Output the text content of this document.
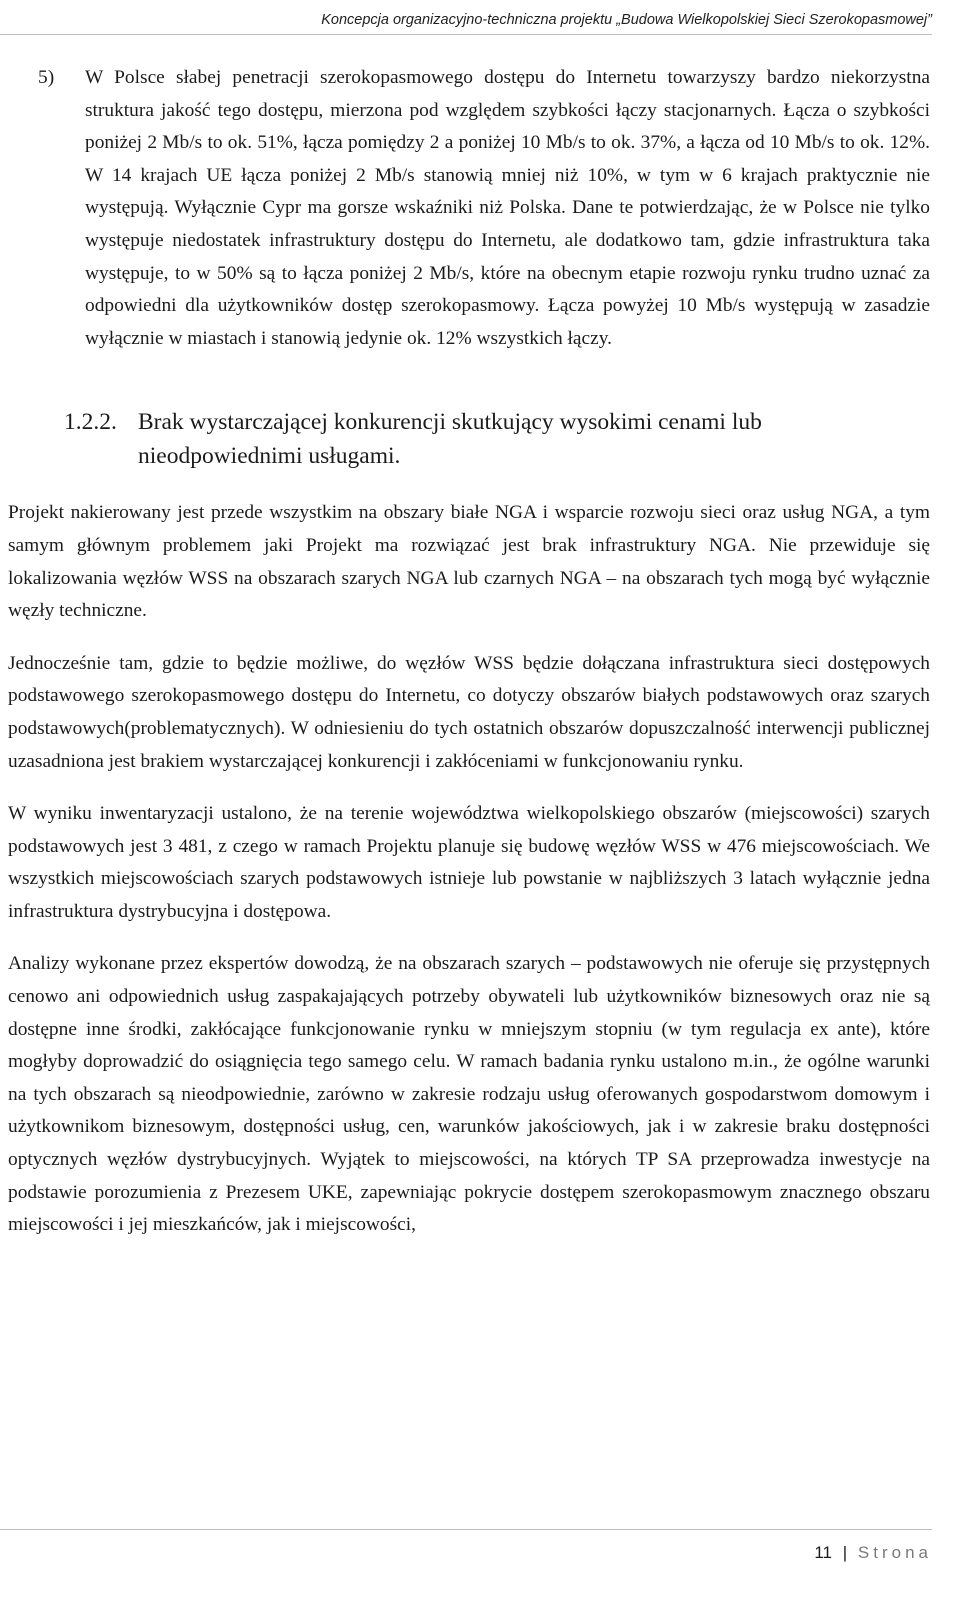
Koncepcja organizacyjno-techniczna projektu „Budowa Wielkopolskiej Sieci Szerokopasmowej”
5)	W Polsce słabej penetracji szerokopasmowego dostępu do Internetu towarzyszy bardzo niekorzystna struktura jakość tego dostępu, mierzona pod względem szybkości łączy stacjonarnych. Łącza o szybkości poniżej 2 Mb/s to ok. 51%, łącza pomiędzy 2 a poniżej 10 Mb/s to ok. 37%, a łącza od 10 Mb/s to ok. 12%. W 14 krajach UE łącza poniżej 2 Mb/s stanowią mniej niż 10%, w tym w 6 krajach praktycznie nie występują. Wyłącznie Cypr ma gorsze wskaźniki niż Polska. Dane te potwierdzając, że w Polsce nie tylko występuje niedostatek infrastruktury dostępu do Internetu, ale dodatkowo tam, gdzie infrastruktura taka występuje, to w 50% są to łącza poniżej 2 Mb/s, które na obecnym etapie rozwoju rynku trudno uznać za odpowiedni dla użytkowników dostęp szerokopasmowy. Łącza powyżej 10 Mb/s występują w zasadzie wyłącznie w miastach i stanowią jedynie ok. 12% wszystkich łączy.
1.2.2. Brak wystarczającej konkurencji skutkujący wysokimi cenami lub nieodpowiednimi usługami.

Projekt nakierowany jest przede wszystkim na obszary białe NGA i wsparcie rozwoju sieci oraz usług NGA, a tym samym głównym problemem jaki Projekt ma rozwiązać jest brak infrastruktury NGA. Nie przewiduje się lokalizowania węzłów WSS na obszarach szarych NGA lub czarnych NGA – na obszarach tych mogą być wyłącznie węzły techniczne.

Jednocześnie tam, gdzie to będzie możliwe, do węzłów WSS będzie dołączana infrastruktura sieci dostępowych podstawowego szerokopasmowego dostępu do Internetu, co dotyczy obszarów białych podstawowych oraz szarych podstawowych(problematycznych). W odniesieniu do tych ostatnich obszarów dopuszczalność interwencji publicznej uzasadniona jest brakiem wystarczającej konkurencji i zakłóceniami w funkcjonowaniu rynku.

W wyniku inwentaryzacji ustalono, że na terenie województwa wielkopolskiego obszarów (miejscowości) szarych podstawowych jest 3 481, z czego w ramach Projektu planuje się budowę węzłów WSS w 476 miejscowościach. We wszystkich miejscowościach szarych podstawowych istnieje lub powstanie w najbliższych 3 latach wyłącznie jedna infrastruktura dystrybucyjna i dostępowa.

Analizy wykonane przez ekspertów dowodzą, że na obszarach szarych – podstawowych nie oferuje się przystępnych cenowo ani odpowiednich usług zaspakajających potrzeby obywateli lub użytkowników biznesowych oraz nie są dostępne inne środki, zakłócające funkcjonowanie rynku w mniejszym stopniu (w tym regulacja ex ante), które mogłyby doprowadzić do osiągnięcia tego samego celu. W ramach badania rynku ustalono m.in., że ogólne warunki na tych obszarach są nieodpowiednie, zarówno w zakresie rodzaju usług oferowanych gospodarstwom domowym i użytkownikom biznesowym, dostępności usług, cen, warunków jakościowych, jak i w zakresie braku dostępności optycznych węzłów dystrybucyjnych. Wyjątek to miejscowości, na których TP SA przeprowadza inwestycje na podstawie porozumienia z Prezesem UKE, zapewniając pokrycie dostępem szerokopasmowym znacznego obszaru miejscowości i jej mieszkańców, jak i miejscowości,

11 | Strona
